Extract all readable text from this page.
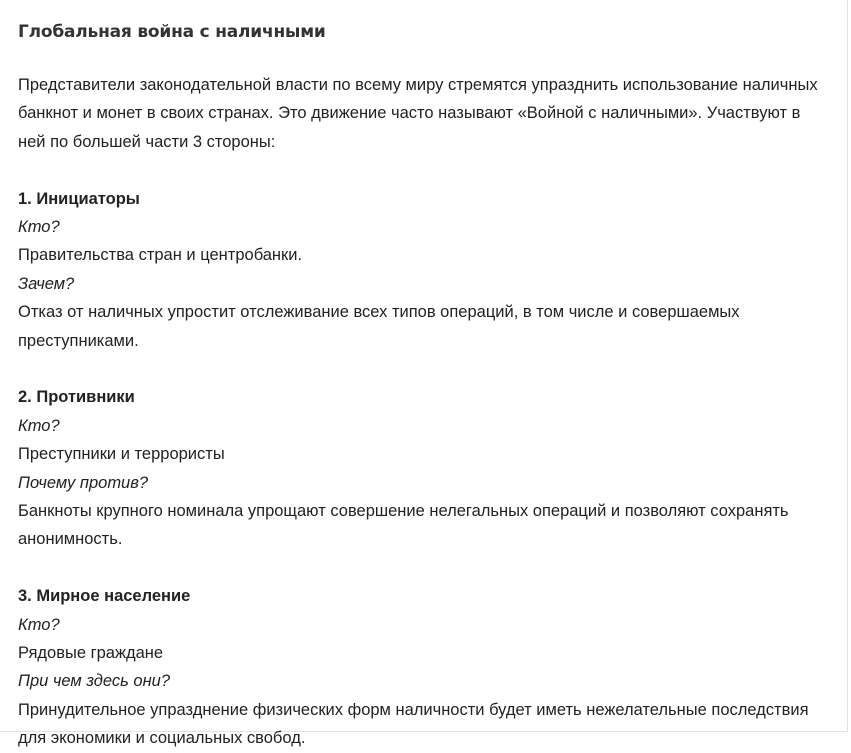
Глобальная война с наличными

Представители законодательной власти по всему миру стремятся упразднить использование наличных банкнот и монет в своих странах. Это движение часто называют «Войной с наличными». Участвуют в ней по большей части 3 стороны:

1. Инициаторы

Кто?

Правительства стран и центробанки.

Зачем?

Отказ от наличных упростит отслеживание всех типов операций, в том числе и совершаемых преступниками.

2. Противники

Кто?

Преступники и террористы

Почему против?

Банкноты крупного номинала упрощают совершение нелегальных операций и позволяют сохранять анонимность.

3. Мирное население

Кто?

Рядовые граждане

При чем здесь они?

Принудительное упразднение физических форм наличности будет иметь нежелательные последствия для экономики и социальных свобод.
